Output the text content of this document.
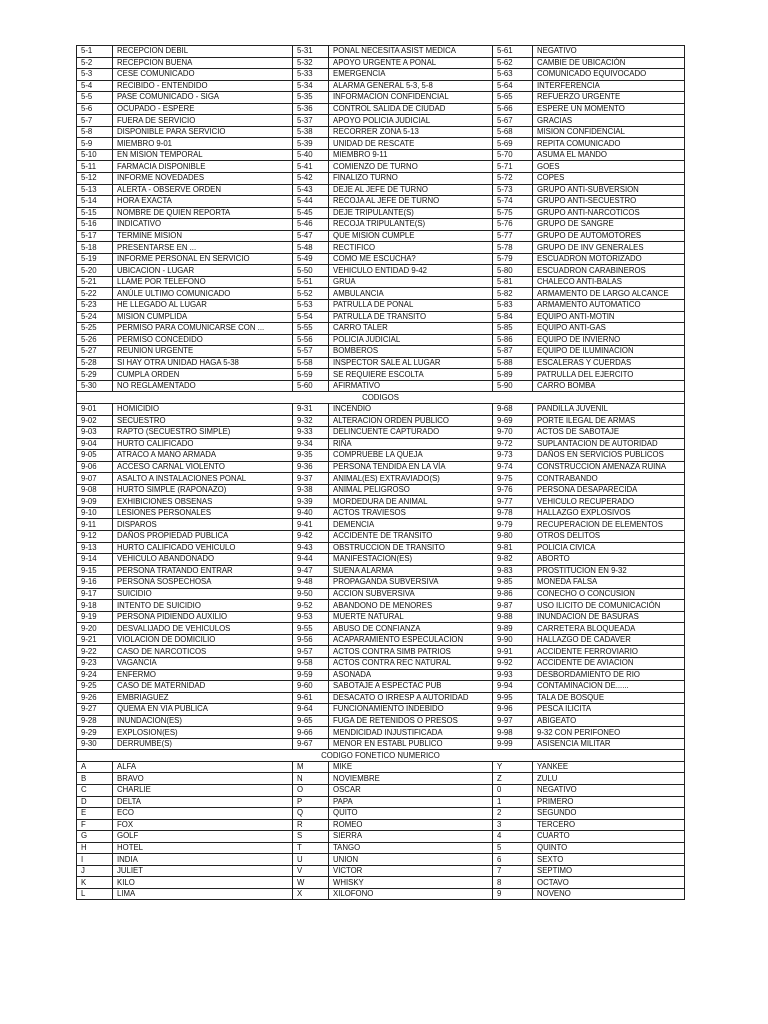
5-1	RECEPCION DEBIL	5-31	PONAL NECESITA ASIST MEDICA	5-61	NEGATIVO
5-2	RECEPCION BUENA	5-32	APOYO URGENTE A PONAL	5-62	CAMBIE DE UBICACIÓN
5-3	CESE COMUNICADO	5-33	EMERGENCIA	5-63	COMUNICADO EQUIVOCADO
5-4	RECIBIDO - ENTENDIDO	5-34	ALARMA GENERAL 5-3, 5-8	5-64	INTERFERENCIA
5-5	PASE COMUNICADO - SIGA	5-35	INFORMACION CONFIDENCIAL	5-65	REFUERZO URGENTE
5-6	OCUPADO - ESPERE	5-36	CONTROL SALIDA DE CIUDAD	5-66	ESPERE UN MOMENTO
5-7	FUERA DE SERVICIO	5-37	APOYO POLICIA JUDICIAL	5-67	GRACIAS
5-8	DISPONIBLE PARA SERVICIO	5-38	RECORRER ZONA 5-13	5-68	MISION CONFIDENCIAL
5-9	MIEMBRO 9-01	5-39	UNIDAD DE RESCATE	5-69	REPITA COMUNICADO
5-10	EN MISION TEMPORAL	5-40	MIEMBRO 9-11	5-70	ASUMA EL MANDO
5-11	FARMACIA DISPONIBLE	5-41	COMIENZO DE TURNO	5-71	GOES
5-12	INFORME NOVEDADES	5-42	FINALIZO TURNO	5-72	COPES
5-13	ALERTA - OBSERVE ORDEN	5-43	DEJE AL JEFE DE TURNO	5-73	GRUPO ANTI-SUBVERSION
5-14	HORA EXACTA	5-44	RECOJA AL JEFE DE TURNO	5-74	GRUPO ANTI-SECUESTRO
5-15	NOMBRE DE QUIEN REPORTA	5-45	DEJE TRIPULANTE(S)	5-75	GRUPO ANTI-NARCOTICOS
5-16	INDICATIVO	5-46	RECOJA TRIPULANTE(S)	5-76	GRUPO DE SANGRE
5-17	TERMINE MISION	5-47	QUE MISION CUMPLE	5-77	GRUPO DE AUTOMOTORES
5-18	PRESENTARSE EN ...	5-48	RECTIFICO	5-78	GRUPO DE INV GENERALES
5-19	INFORME PERSONAL EN SERVICIO	5-49	COMO ME ESCUCHA?	5-79	ESCUADRON MOTORIZADO
5-20	UBICACION - LUGAR	5-50	VEHICULO ENTIDAD 9-42	5-80	ESCUADRON CARABINEROS
5-21	LLAME POR TELEFONO	5-51	GRUA	5-81	CHALECO ANTI-BALAS
5-22	ANÚLE ULTIMO COMUNICADO	5-52	AMBULANCIA	5-82	ARMAMENTO DE LARGO ALCANCE
5-23	HE LLEGADO AL LUGAR	5-53	PATRULLA DE PONAL	5-83	ARMAMENTO AUTOMATICO
5-24	MISION CUMPLIDA	5-54	PATRULLA DE TRANSITO	5-84	EQUIPO ANTI-MOTIN
5-25	PERMISO PARA COMUNICARSE CON ...	5-55	CARRO TALER	5-85	EQUIPO ANTI-GAS
5-26	PERMISO CONCEDIDO	5-56	POLICIA JUDICIAL	5-86	EQUIPO DE INVIERNO
5-27	REUNION URGENTE	5-57	BOMBEROS	5-87	EQUIPO DE ILUMINACION
5-28	SI HAY OTRA UNIDAD HAGA 5-38	5-58	INSPECTOR SALE AL LUGAR	5-88	ESCALERAS Y CUERDAS
5-29	CUMPLA ORDEN	5-59	SE REQUIERE ESCOLTA	5-89	PATRULLA DEL EJERCITO
5-30	NO REGLAMENTADO	5-60	AFIRMATIVO	5-90	CARRO BOMBA
CODIGOS					
9-01	HOMICIDIO	9-31	INCENDIO	9-68	PANDILLA JUVENIL
9-02	SECUESTRO	9-32	ALTERACION ORDEN PUBLICO	9-69	PORTE ILEGAL DE ARMAS
9-03	RAPTO (SECUESTRO SIMPLE)	9-33	DELINCUENTE CAPTURADO	9-70	ACTOS DE SABOTAJE
9-04	HURTO CALIFICADO	9-34	RIÑA	9-72	SUPLANTACION DE AUTORIDAD
9-05	ATRACO A MANO ARMADA	9-35	COMPRUEBE LA QUEJA	9-73	DAÑOS EN SERVICIOS PUBLICOS
9-06	ACCESO CARNAL VIOLENTO	9-36	PERSONA TENDIDA EN LA VÍA	9-74	CONSTRUCCION AMENAZA RUINA
9-07	ASALTO A INSTALACIONES PONAL	9-37	ANIMAL(ES) EXTRAVIADO(S)	9-75	CONTRABANDO
9-08	HURTO SIMPLE (RAPONAZO)	9-38	ANIMAL PELIGROSO	9-76	PERSONA DESAPARECIDA
9-09	EXHIBICIONES OBSENAS	9-39	MORDEDURA DE ANIMAL	9-77	VEHICULO RECUPERADO
9-10	LESIONES PERSONALES	9-40	ACTOS TRAVIESOS	9-78	HALLAZGO EXPLOSIVOS
9-11	DISPAROS	9-41	DEMENCIA	9-79	RECUPERACION DE ELEMENTOS
9-12	DAÑOS PROPIEDAD PUBLICA	9-42	ACCIDENTE DE TRANSITO	9-80	OTROS DELITOS
9-13	HURTO CALIFICADO VEHICULO	9-43	OBSTRUCCION DE TRANSITO	9-81	POLICIA CIVICA
9-14	VEHICULO ABANDONADO	9-44	MANIFESTACION(ES)	9-82	ABORTO
9-15	PERSONA TRATANDO ENTRAR	9-47	SUENA ALARMA	9-83	PROSTITUCION EN 9-32
9-16	PERSONA SOSPECHOSA	9-48	PROPAGANDA SUBVERSIVA	9-85	MONEDA FALSA
9-17	SUICIDIO	9-50	ACCION SUBVERSIVA	9-86	CONECHO O CONCUSION
9-18	INTENTO DE SUICIDIO	9-52	ABANDONO DE MENORES	9-87	USO ILICITO DE COMUNICACIÓN
9-19	PERSONA PIDIENDO AUXILIO	9-53	MUERTE NATURAL	9-88	INUNDACION DE BASURAS
9-20	DESVALIJADO DE VEHICULOS	9-55	ABUSO DE CONFIANZA	9-89	CARRETERA BLOQUEADA
9-21	VIOLACION DE DOMICILIO	9-56	ACAPARAMIENTO ESPECULACION	9-90	HALLAZGO DE CADAVER
9-22	CASO DE NARCOTICOS	9-57	ACTOS CONTRA SIMB PATRIOS	9-91	ACCIDENTE FERROVIARIO
9-23	VAGANCIA	9-58	ACTOS CONTRA REC NATURAL	9-92	ACCIDENTE DE AVIACION
9-24	ENFERMO	9-59	ASONADA	9-93	DESBORDAMIENTO DE RIO
9-25	CASO DE MATERNIDAD	9-60	SABOTAJE A ESPECTAC PUB	9-94	CONTAMINACION DE......
9-26	EMBRIAGUEZ	9-61	DESACATO O IRRESP A AUTORIDAD	9-95	TALA DE BOSQUE
9-27	QUEMA EN VIA PUBLICA	9-64	FUNCIONAMIENTO INDEBIDO	9-96	PESCA ILICITA
9-28	INUNDACION(ES)	9-65	FUGA DE RETENIDOS O PRESOS	9-97	ABIGEATO
9-29	EXPLOSION(ES)	9-66	MENDICIDAD INJUSTIFICADA	9-98	9-32 CON PERIFONEO
9-30	DERRUMBE(S)	9-67	MENOR EN ESTABL PUBLICO	9-99	ASISENCIA MILITAR
CODIGO FONETICO NUMERICO					
A	ALFA	M	MIKE	Y	YANKEE
B	BRAVO	N	NOVIEMBRE	Z	ZULU
C	CHARLIE	O	OSCAR	0	NEGATIVO
D	DELTA	P	PAPA	1	PRIMERO
E	ECO	Q	QUITO	2	SEGUNDO
F	FOX	R	ROMEO	3	TERCERO
G	GOLF	S	SIERRA	4	CUARTO
H	HOTEL	T	TANGO	5	QUINTO
I	INDIA	U	UNION	6	SEXTO
J	JULIET	V	VICTOR	7	SEPTIMO
K	KILO	W	WHISKY	8	OCTAVO
L	LIMA	X	XILOFONO	9	NOVENO
